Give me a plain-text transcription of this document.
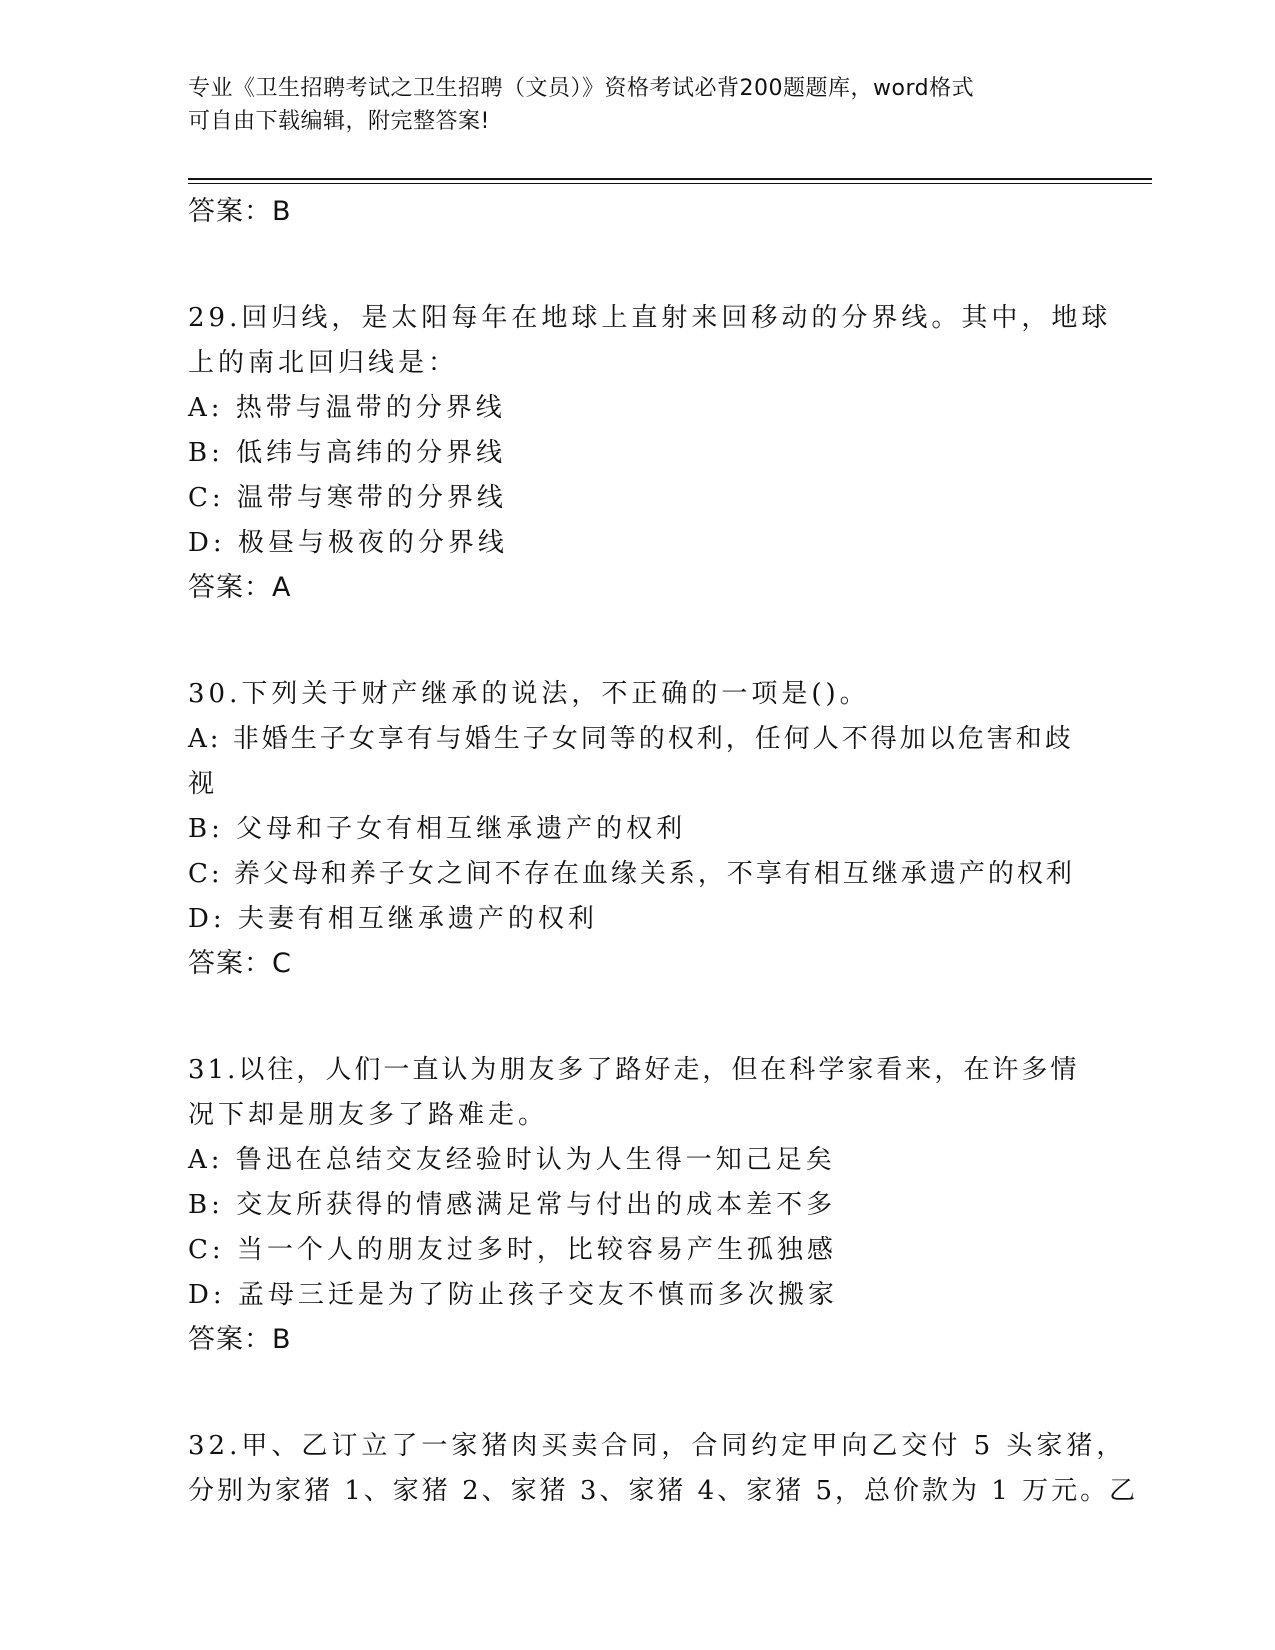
专业《卫生招聘考试之卫生招聘（文员）》资格考试必背200题题库，word格式
可自由下载编辑，附完整答案!
答案：B
29.回归线，是太阳每年在地球上直射来回移动的分界线。其中，地球
上的南北回归线是：
A: 热带与温带的分界线
B: 低纬与高纬的分界线
C: 温带与寒带的分界线
D: 极昼与极夜的分界线
答案：A
30.下列关于财产继承的说法，不正确的一项是()。
A: 非婚生子女享有与婚生子女同等的权利，任何人不得加以危害和歧
视
B: 父母和子女有相互继承遗产的权利
C: 养父母和养子女之间不存在血缘关系，不享有相互继承遗产的权利
D: 夫妻有相互继承遗产的权利
答案：C
31.以往，人们一直认为朋友多了路好走，但在科学家看来，在许多情
况下却是朋友多了路难走。
A: 鲁迅在总结交友经验时认为人生得一知己足矣
B: 交友所获得的情感满足常与付出的成本差不多
C: 当一个人的朋友过多时，比较容易产生孤独感
D: 孟母三迁是为了防止孩子交友不慎而多次搬家
答案：B
32.甲、乙订立了一家猪肉买卖合同，合同约定甲向乙交付 5 头家猪，
分别为家猪 1、家猪 2、家猪 3、家猪 4、家猪 5，总价款为 1 万元。乙
